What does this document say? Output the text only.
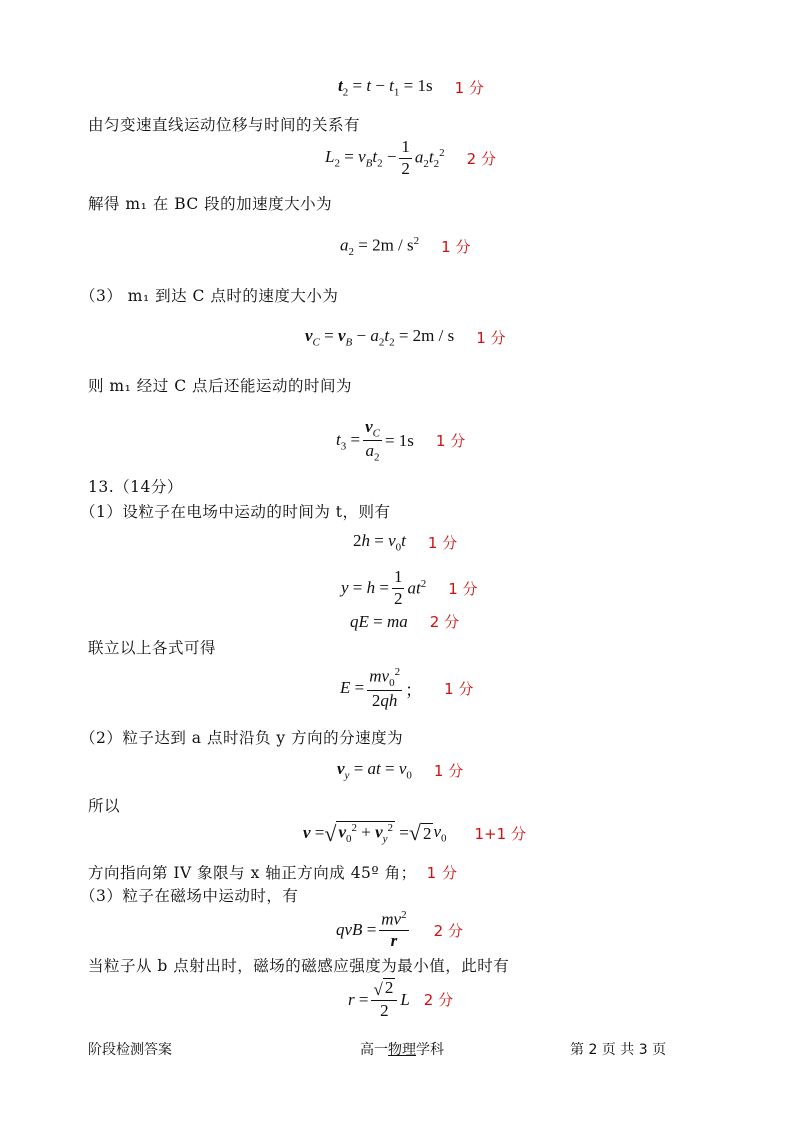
$t_2 = t - t_1 = 1s$ 1 分
由匀变速直线运动位移与时间的关系有
$L_2 = v_Bt_2 - \frac{1}{2} a_2t_2^2$ 2 分
解得 m₁ 在 BC 段的加速度大小为
$a_2 = 2m / s^2$ 1 分
（3） m₁ 到达 C 点时的速度大小为
$v_C = v_B - a_2t_2 = 2m / s$ 1 分
则 m₁ 经过 C 点后还能运动的时间为
$t_3 = \frac{v_C}{a_2} = 1s$ 1 分
13.（14分）
（1）设粒子在电场中运动的时间为 t，则有
$2h = v_0t$ 1 分
$y = h = \frac{1}{2} at^2$ 1 分
qE = ma 2 分
联立以上各式可得
$E = \frac{mv_0^2}{2qh}$ ； 1 分
（2）粒子达到 a 点时沿负 y 方向的分速度为
$v_y$ = at = $v_0$ 1 分
所以
v = √ $v_0^2 + v_y^2$ = √ 2 $v_0$ 1+1 分
方向指向第 IV 象限与 x 轴正方向成 45º 角； 1 分
（3）粒子在磁场中运动时，有
qvB = $\frac{mv^2}{r} 2$ 分
当粒子从 b 点射出时，磁场的磁感应强度为最小值，此时有
$r = \frac{√ 2}{2}$ L 2 分
阶段检测答案	高一物理学科	第 2 页 共 3 页
